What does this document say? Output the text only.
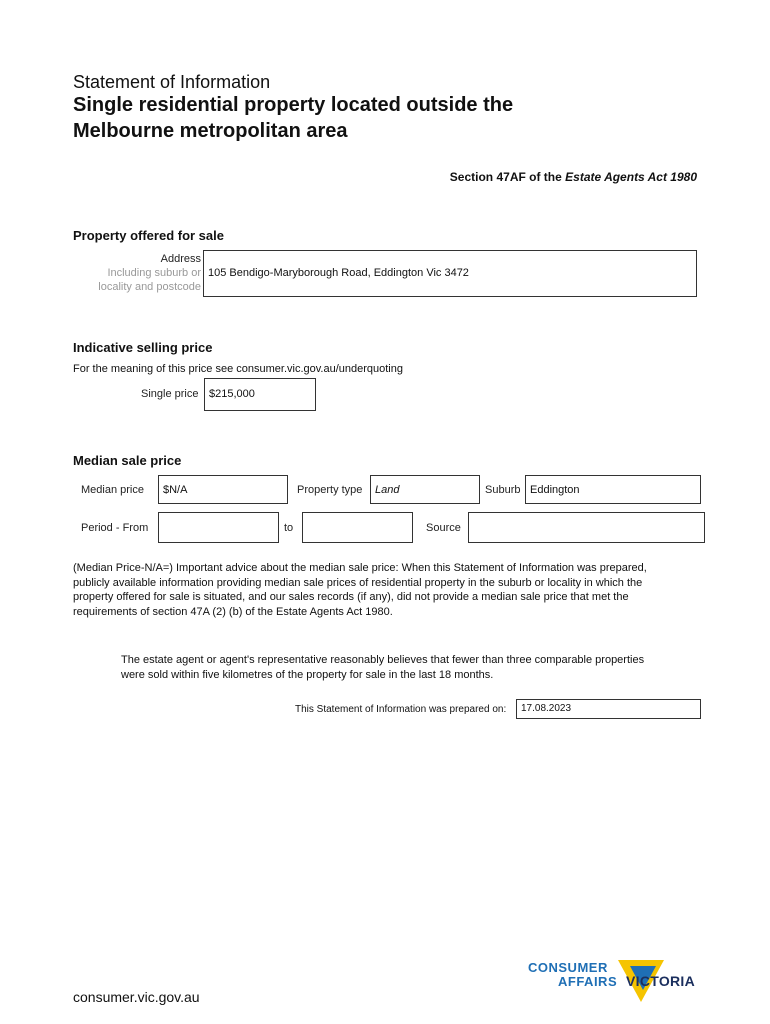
Statement of Information
Single residential property located outside the
Melbourne metropolitan area
Section 47AF of the Estate Agents Act 1980
Property offered for sale
Address
Including suburb or
locality and postcode
105 Bendigo-Maryborough Road, Eddington Vic 3472
Indicative selling price
For the meaning of this price see consumer.vic.gov.au/underquoting
Single price $215,000
Median sale price
Median price $N/A	Property type Land	Suburb Eddington
Period - From	to	Source
(Median Price-N/A=) Important advice about the median sale price: When this Statement of Information was prepared,
publicly available information providing median sale prices of residential property in the suburb or locality in which the
property offered for sale is situated, and our sales records (if any), did not provide a median sale price that met the
requirements of section 47A (2) (b) of the Estate Agents Act 1980.
The estate agent or agent's representative reasonably believes that fewer than three comparable properties
were sold within five kilometres of the property for sale in the last 18 months.
This Statement of Information was prepared on: 17.08.2023
CONSUMER
AFFAIRS VICTORIA
consumer.vic.gov.au
